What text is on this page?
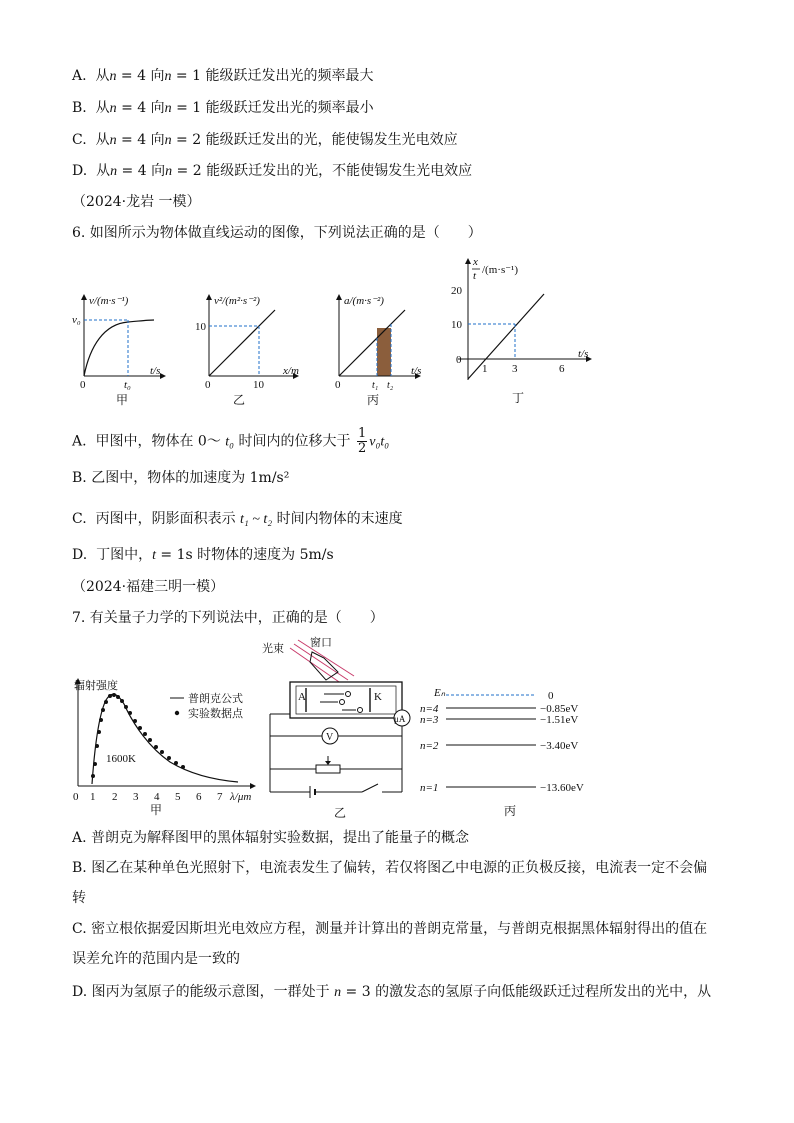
A. 从n = 4 向n = 1 能级跃迁发出光的频率最大
B. 从n = 4 向n = 1 能级跃迁发出光的频率最小
C. 从n = 4 向n = 2 能级跃迁发出的光，能使锡发生光电效应
D. 从n = 4 向n = 2 能级跃迁发出的光，不能使锡发生光电效应
（2024·龙岩 一模）
6. 如图所示为物体做直线运动的图像，下列说法正确的是（　　）
v/(m·s⁻¹)
v₀
t₀
t/s
0
甲
v²/(m²·s⁻²)
10
10
x/m
0
乙
a/(m·s⁻²)
t₁ t₂
t/s
0
丙
x
t /(m·s⁻¹)
20
10
0
1 3	6
t/s
丁
A. 甲图中，物体在 0～ t₀ 时间内的位移大于 $\frac{1}{2} v_0t_0$
B. 乙图中，物体的加速度为 1m/s²
C. 丙图中，阴影面积表示 t₁ ~ t₂ 时间内物体的末速度
D. 丁图中，t = 1s 时物体的速度为 5m/s
（2024·福建三明一模）
7. 有关量子力学的下列说法中，正确的是（　　）
辐射强度
普朗克公式
实验数据点
1600K
0 1 2 3 4 5 6 7 λ/μm
甲
光束 窗口
A	K
μA
V
乙
Eₙ	0
n=4	−0.85eV
n=3	−1.51eV
n=2	−3.40eV
n=1	−13.60eV
丙
A. 普朗克为解释图甲的黑体辐射实验数据，提出了能量子的概念
B. 图乙在某种单色光照射下，电流表发生了偏转，若仅将图乙中电源的正负极反接，电流表一定不会偏转
C. 密立根依据爱因斯坦光电效应方程，测量并计算出的普朗克常量，与普朗克根据黑体辐射得出的值在误差允许的范围内是一致的
D. 图丙为氢原子的能级示意图，一群处于 n = 3 的激发态的氢原子向低能级跃迁过程所发出的光中，从
